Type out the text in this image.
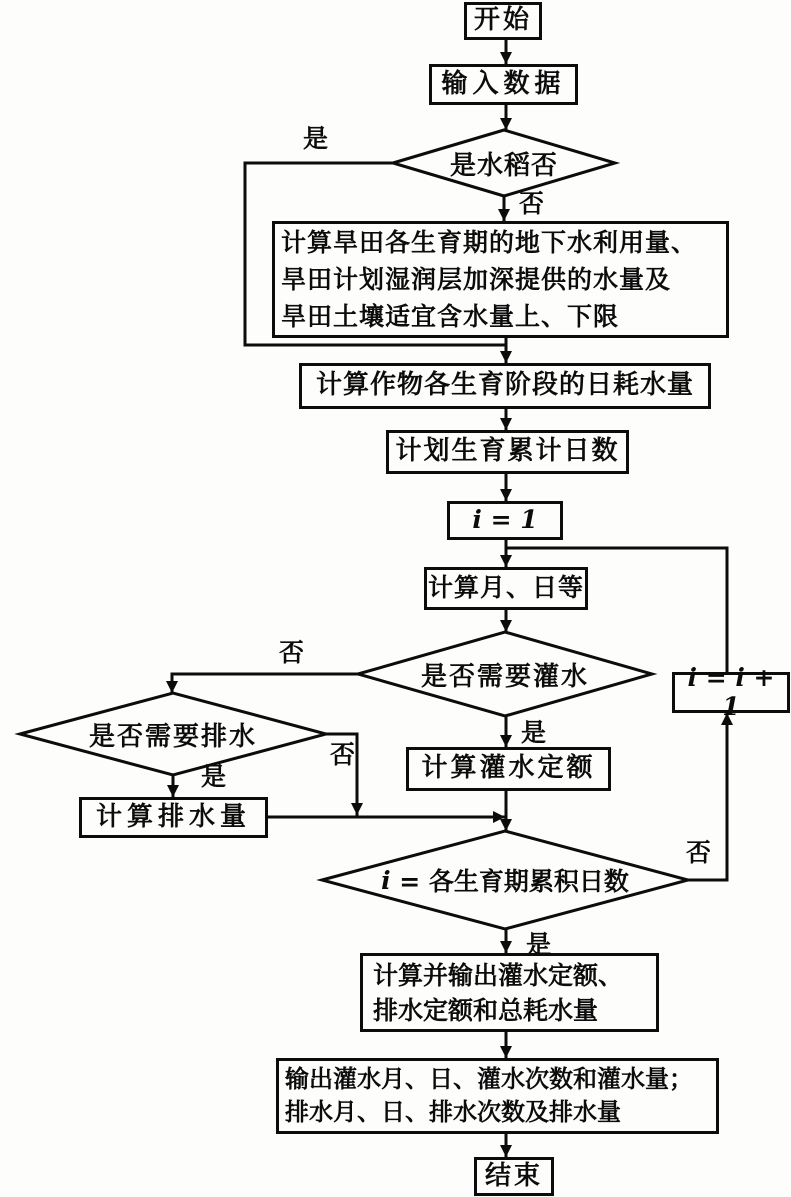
开始
输入数据
计算旱田各生育期的地下水利用量、
旱田计划湿润层加深提供的水量及
旱田土壤适宜含水量上、下限
计算作物各生育阶段的日耗水量
计划生育累计日数
i = 1
计算月、日等
计算灌水定额
计算排水量
i = i + 1
计算并输出灌水定额、
排水定额和总耗水量
输出灌水月、日、灌水次数和灌水量；
排水月、日、排水次数及排水量
结束
是水稻否
是否需要灌水
是否需要排水
i = 各生育期累积日数
是
否
否
是
否
是
否
是
